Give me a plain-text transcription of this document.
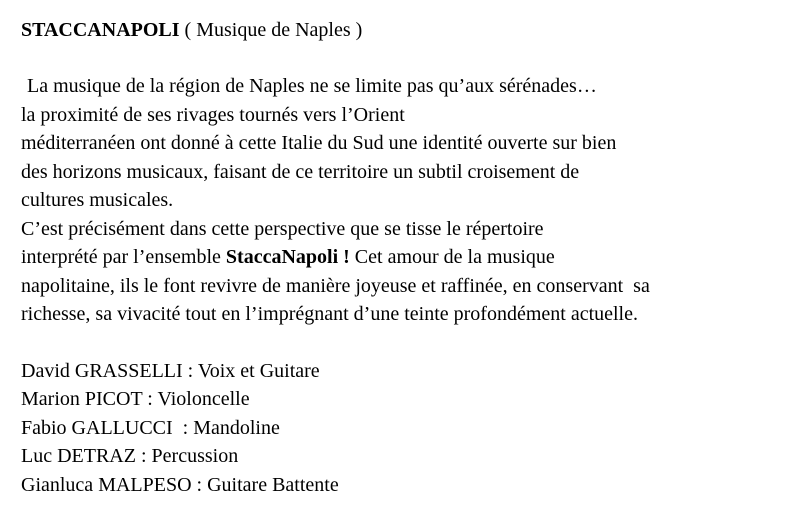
STACCANAPOLI ( Musique de Naples )
La musique de la région de Naples ne se limite pas qu’aux sérénades…
la proximité de ses rivages tournés vers l’Orient
méditerranéen ont donné à cette Italie du Sud une identité ouverte sur bien
des horizons musicaux, faisant de ce territoire un subtil croisement de
cultures musicales.
C’est précisément dans cette perspective que se tisse le répertoire
interprété par l’ensemble StaccaNapoli ! Cet amour de la musique
napolitaine, ils le font revivre de manière joyeuse et raffinée, en conservant  sa
richesse, sa vivacité tout en l’imprégnant d’une teinte profondément actuelle.
David GRASSELLI : Voix et Guitare
Marion PICOT : Violoncelle
Fabio GALLUCCI  : Mandoline
Luc DETRAZ : Percussion
Gianluca MALPESO : Guitare Battente
